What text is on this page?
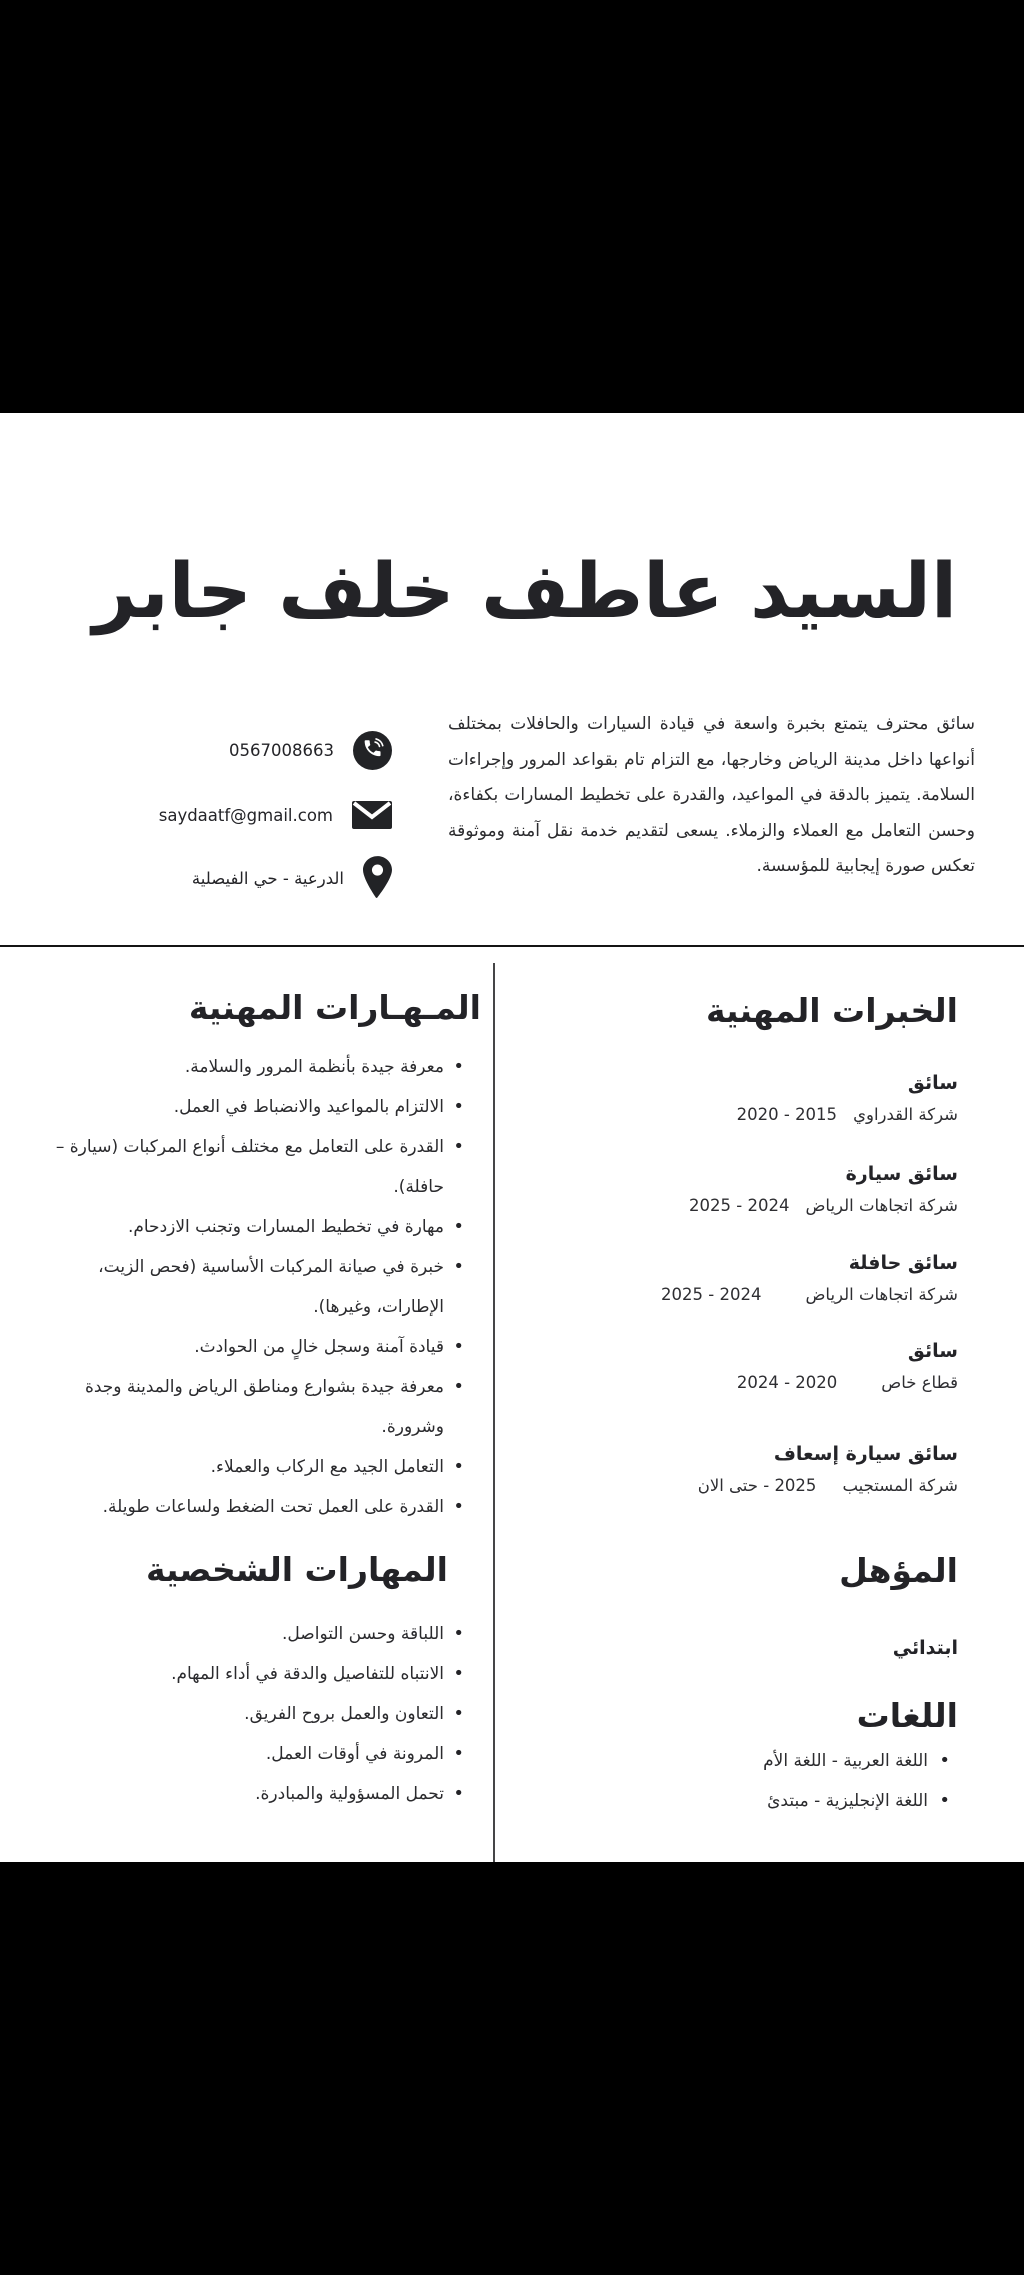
السيد عاطف خلف جابر
0567008663
saydaatf@gmail.com
الدرعية - حي الفيصلية
سائق محترف يتمتع بخبرة واسعة في قيادة السيارات والحافلات بمختلف أنواعها داخل مدينة الرياض وخارجها، مع التزام تام بقواعد المرور وإجراءات السلامة. يتميز بالدقة في المواعيد، والقدرة على تخطيط المسارات بكفاءة، وحسن التعامل مع العملاء والزملاء. يسعى لتقديم خدمة نقل آمنة وموثوقة تعكس صورة إيجابية للمؤسسة.
الخبرات المهنية
سائق
شركة القدراوي
2015 - 2020
سائق سيارة
شركة اتجاهات الرياض
2024 - 2025
سائق حافلة
شركة اتجاهات الرياض
2024 - 2025
سائق
قطاع خاص
2020 - 2024
سائق سيارة إسعاف
شركة المستجيب
2025 - حتى الان
المؤهل
ابتدائي
اللغات
• اللغة العربية - اللغة الأم
• اللغة الإنجليزية - مبتدئ
المـهـارات المهنية
• معرفة جيدة بأنظمة المرور والسلامة.
• الالتزام بالمواعيد والانضباط في العمل.
• القدرة على التعامل مع مختلف أنواع المركبات (سيارة – حافلة).
• مهارة في تخطيط المسارات وتجنب الازدحام.
• خبرة في صيانة المركبات الأساسية (فحص الزيت، الإطارات، وغيرها).
• قيادة آمنة وسجل خالٍ من الحوادث.
• معرفة جيدة بشوارع ومناطق الرياض والمدينة وجدة وشرورة.
• التعامل الجيد مع الركاب والعملاء.
• القدرة على العمل تحت الضغط ولساعات طويلة.
المهارات الشخصية
• اللباقة وحسن التواصل.
• الانتباه للتفاصيل والدقة في أداء المهام.
• التعاون والعمل بروح الفريق.
• المرونة في أوقات العمل.
• تحمل المسؤولية والمبادرة.
